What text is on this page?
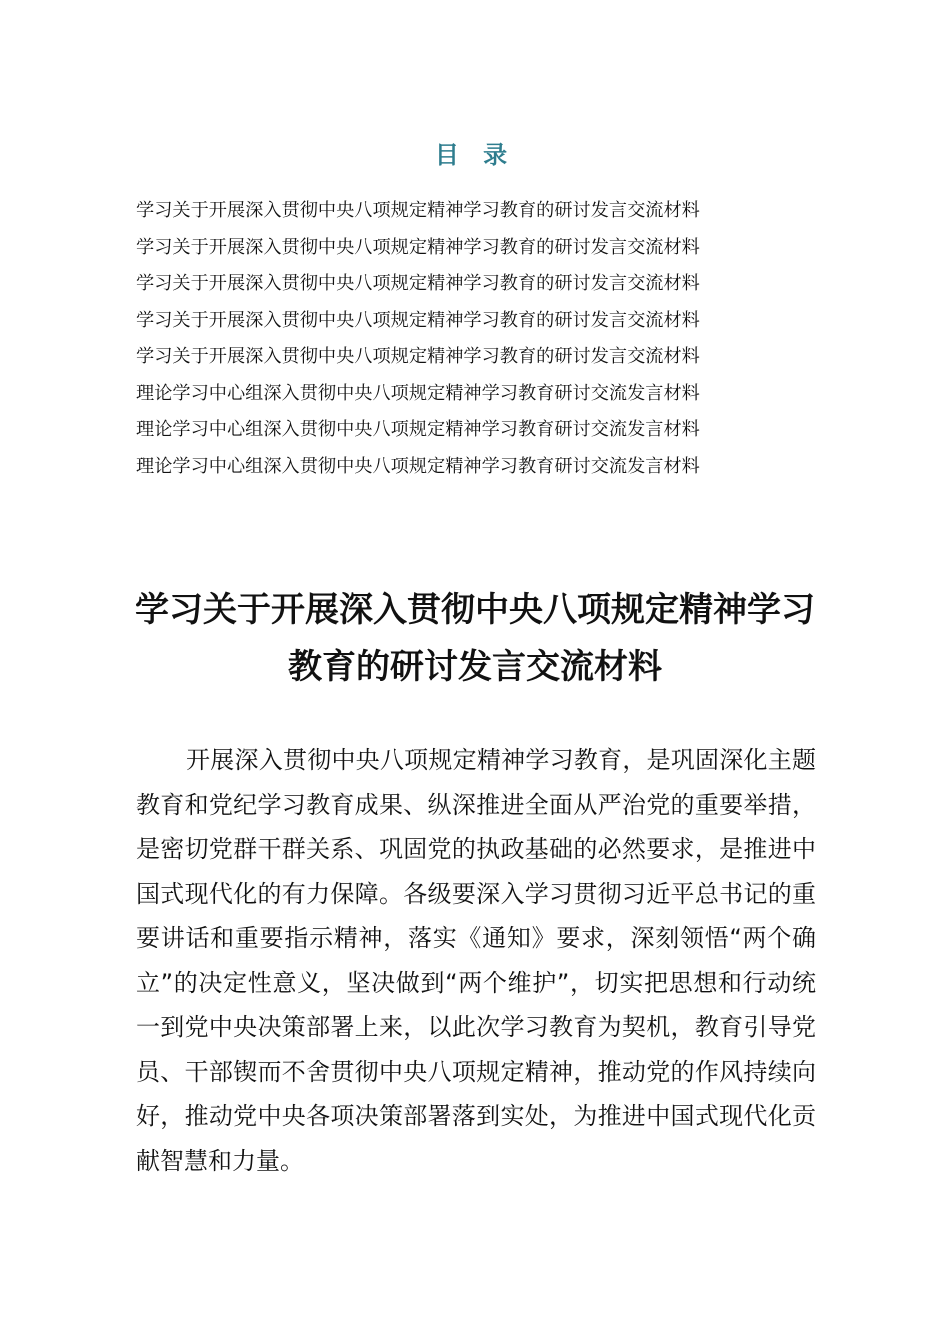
目 录
学习关于开展深入贯彻中央八项规定精神学习教育的研讨发言交流材料
学习关于开展深入贯彻中央八项规定精神学习教育的研讨发言交流材料
学习关于开展深入贯彻中央八项规定精神学习教育的研讨发言交流材料
学习关于开展深入贯彻中央八项规定精神学习教育的研讨发言交流材料
学习关于开展深入贯彻中央八项规定精神学习教育的研讨发言交流材料
理论学习中心组深入贯彻中央八项规定精神学习教育研讨交流发言材料
理论学习中心组深入贯彻中央八项规定精神学习教育研讨交流发言材料
理论学习中心组深入贯彻中央八项规定精神学习教育研讨交流发言材料
学习关于开展深入贯彻中央八项规定精神学习教育的研讨发言交流材料

开展深入贯彻中央八项规定精神学习教育，是巩固深化主题教育和党纪学习教育成果、纵深推进全面从严治党的重要举措，是密切党群干群关系、巩固党的执政基础的必然要求，是推进中国式现代化的有力保障。各级要深入学习贯彻习近平总书记的重要讲话和重要指示精神，落实《通知》要求，深刻领悟“两个确立”的决定性意义，坚决做到“两个维护”，切实把思想和行动统一到党中央决策部署上来，以此次学习教育为契机，教育引导党员、干部锲而不舍贯彻中央八项规定精神，推动党的作风持续向好，推动党中央各项决策部署落到实处，为推进中国式现代化贡献智慧和力量。
